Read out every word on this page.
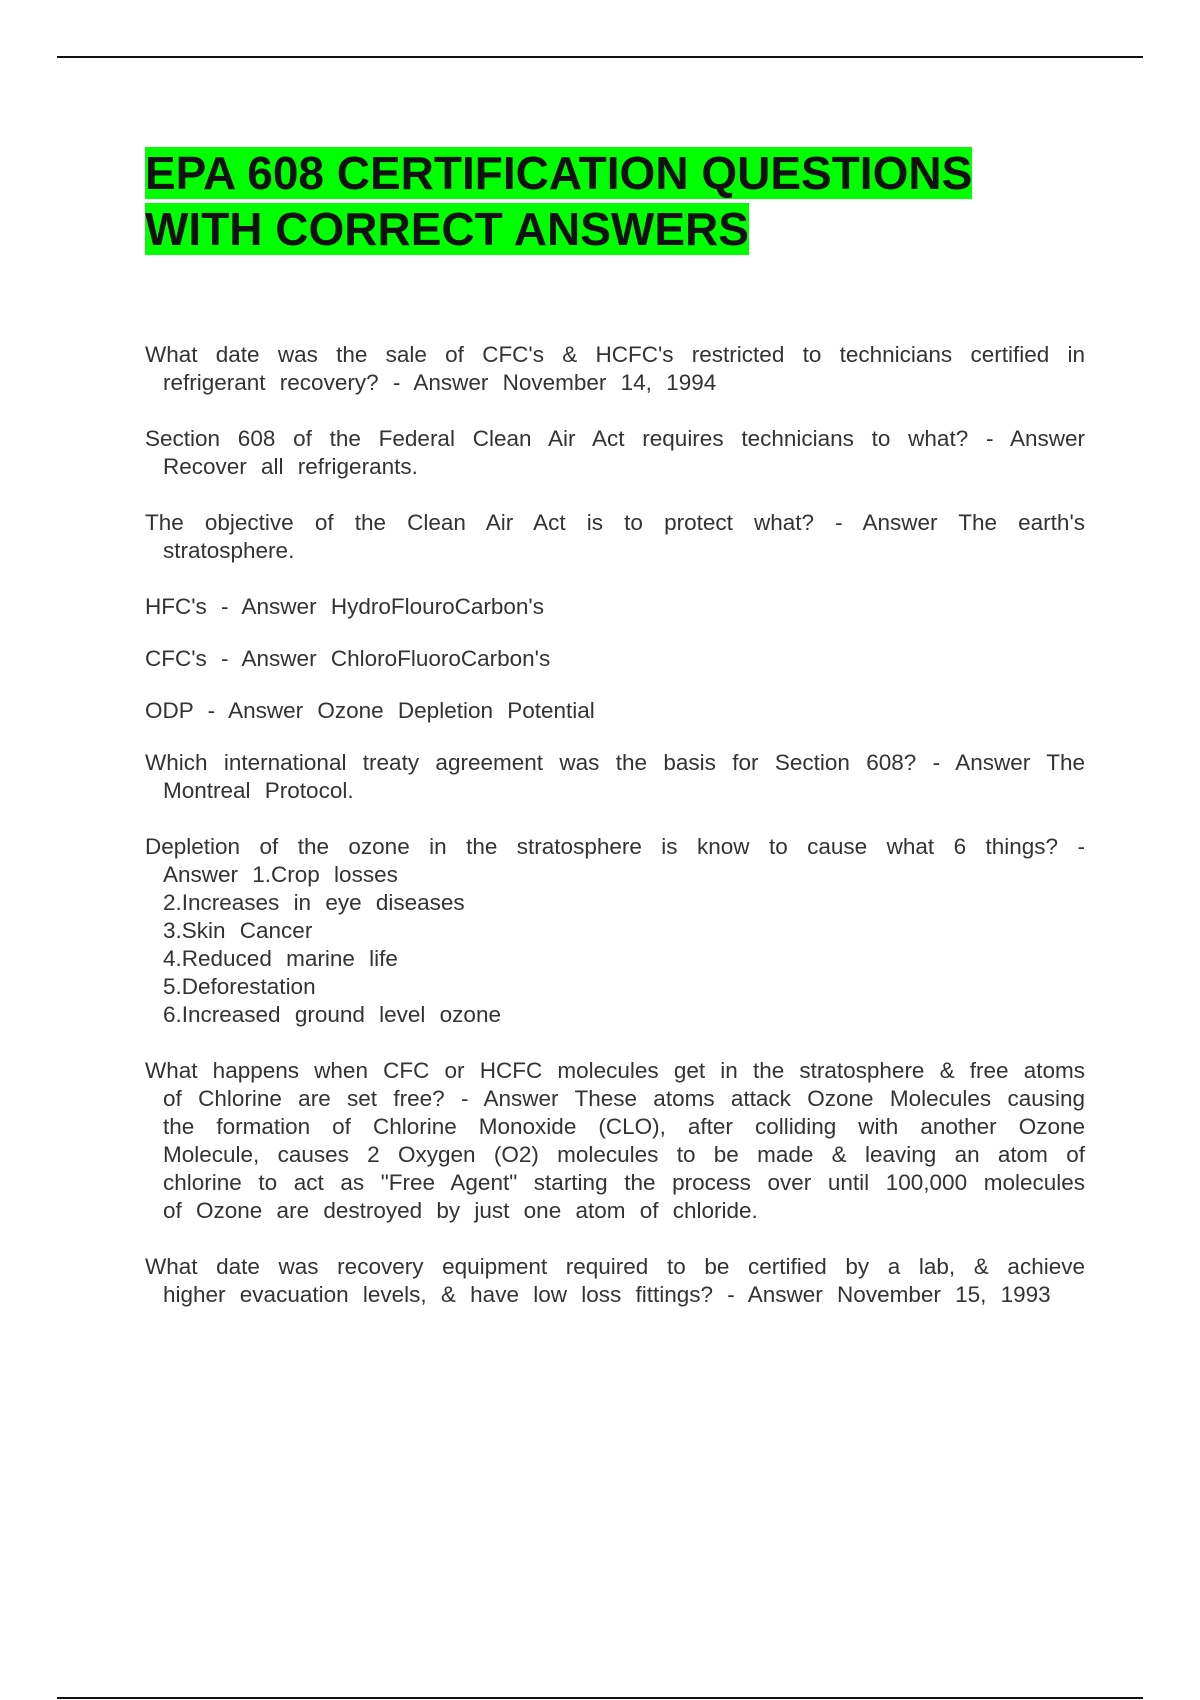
EPA 608 CERTIFICATION QUESTIONS WITH CORRECT ANSWERS

What date was the sale of CFC's & HCFC's restricted to technicians certified in refrigerant recovery? - Answer November 14, 1994

Section 608 of the Federal Clean Air Act requires technicians to what? - Answer Recover all refrigerants.

The objective of the Clean Air Act is to protect what? - Answer The earth's stratosphere.

HFC's - Answer HydroFlouroCarbon's

CFC's - Answer ChloroFluoroCarbon's

ODP - Answer Ozone Depletion Potential

Which international treaty agreement was the basis for Section 608? - Answer The Montreal Protocol.

Depletion of the ozone in the stratosphere is know to cause what 6 things? - Answer 1.Crop losses
2.Increases in eye diseases
3.Skin Cancer
4.Reduced marine life
5.Deforestation
6.Increased ground level ozone

What happens when CFC or HCFC molecules get in the stratosphere & free atoms of Chlorine are set free? - Answer These atoms attack Ozone Molecules causing the formation of Chlorine Monoxide (CLO), after colliding with another Ozone Molecule, causes 2 Oxygen (O2) molecules to be made & leaving an atom of chlorine to act as "Free Agent" starting the process over until 100,000 molecules of Ozone are destroyed by just one atom of chloride.

What date was recovery equipment required to be certified by a lab, & achieve higher evacuation levels, & have low loss fittings? - Answer November 15, 1993
